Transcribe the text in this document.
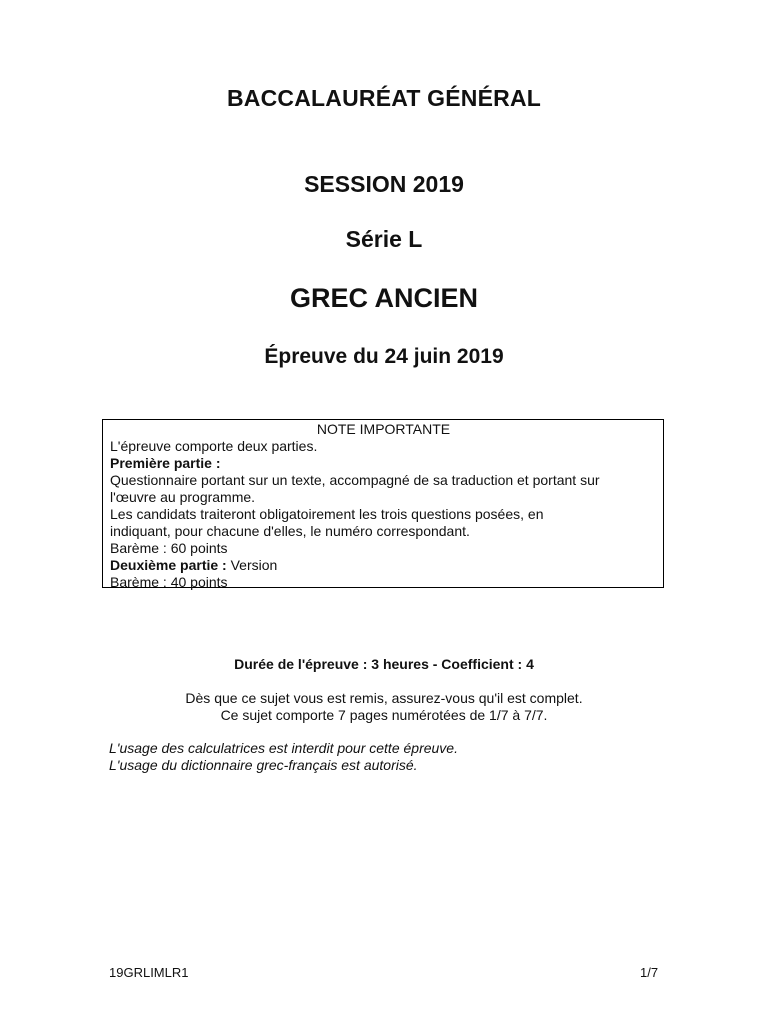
BACCALAURÉAT GÉNÉRAL
SESSION 2019
Série L
GREC ANCIEN
Épreuve du 24 juin 2019
NOTE IMPORTANTE
L'épreuve comporte deux parties.
Première partie :
Questionnaire portant sur un texte, accompagné de sa traduction et portant sur
l'œuvre au programme.
Les candidats traiteront obligatoirement les trois questions posées, en
indiquant, pour chacune d'elles, le numéro correspondant.
Barème : 60 points
Deuxième partie : Version
Barème : 40 points
Durée de l'épreuve : 3 heures - Coefficient : 4
Dès que ce sujet vous est remis, assurez-vous qu'il est complet.
Ce sujet comporte 7 pages numérotées de 1/7 à 7/7.
L'usage des calculatrices est interdit pour cette épreuve.
L'usage du dictionnaire grec-français est autorisé.
19GRLIMLR1	1/7
